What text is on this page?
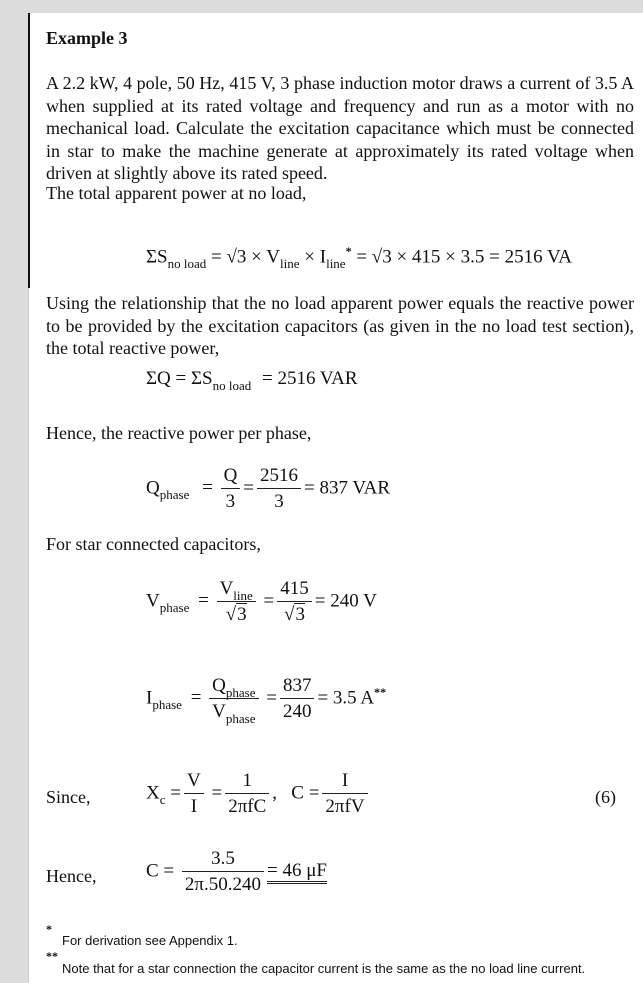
Example 3
A 2.2 kW, 4 pole, 50 Hz, 415 V, 3 phase induction motor draws a current of 3.5 A when supplied at its rated voltage and frequency and run as a motor with no mechanical load. Calculate the excitation capacitance which must be connected in star to make the machine generate at approximately its rated voltage when driven at slightly above its rated speed.
The total apparent power at no load,
$\Sigma S_{no load} = √3 \times V_{line} \times I_{line}^* = √3 \times 415 \times 3.5 = 2516$ VA
Using the relationship that the no load apparent power equals the reactive power to be provided by the excitation capacitors (as given in the no load test section), the total reactive power,
$\Sigma Q = \Sigma S_{no load} = 2516$ VAR
Hence, the reactive power per phase,
$Q_{phase} = \frac{Q}{3} = \frac{2516}{3} = 837$ VAR
For star connected capacitors,
$V_{phase} = \frac{V_{line}}{√3} = \frac{415}{√3} = 240$ V
$I_{phase} = \frac{Q_{phase}}{V_{phase}} = \frac{837}{240} = 3.5$ A**
Since,	$X_c = \frac{V}{I} = \frac{1}{\text{2πfC}}$ ,   $C = \frac{I}{\text{2πfV}}$	(6)
Hence,	$C = \frac{3.5}{2\pi.50.240} = 46$ μF
*
For derivation see Appendix 1.
**
Note that for a star connection the capacitor current is the same as the no load line current.
